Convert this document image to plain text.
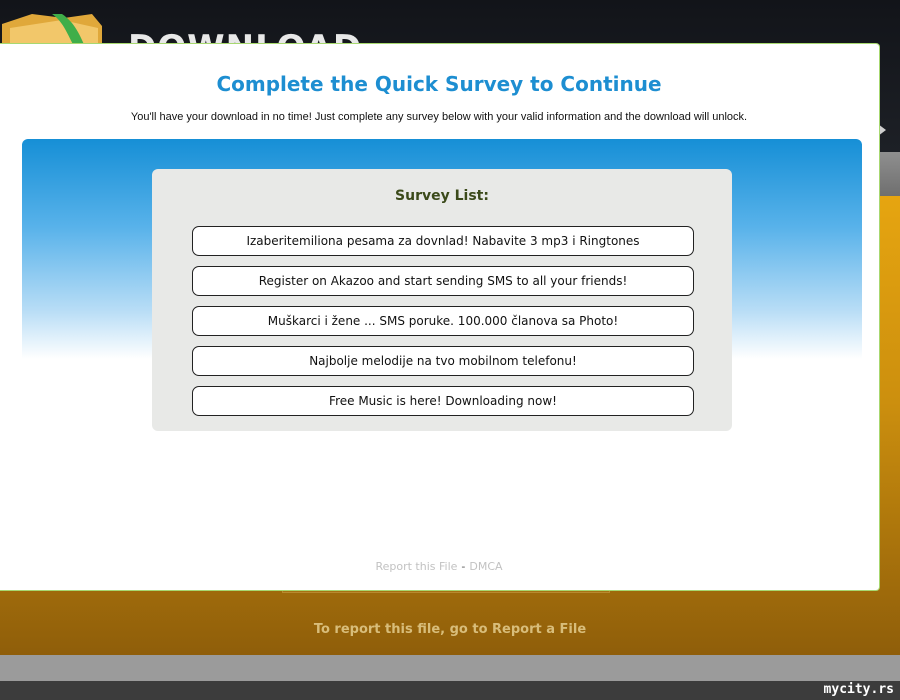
To report this file, go to Report a File
mycity.rs
Complete the Quick Survey to Continue

You'll have your download in no time! Just complete any survey below with your valid information and the download will unlock.

Survey List:
Izaberitemiliona pesama za dovnlad! Nabavite 3 mp3 i Ringtones
Register on Akazoo and start sending SMS to all your friends!
Muškarci i žene ... SMS poruke. 100.000 članova sa Photo!
Najbolje melodije na tvo mobilnom telefonu!
Free Music is here! Downloading now!
Report this File - DMCA
